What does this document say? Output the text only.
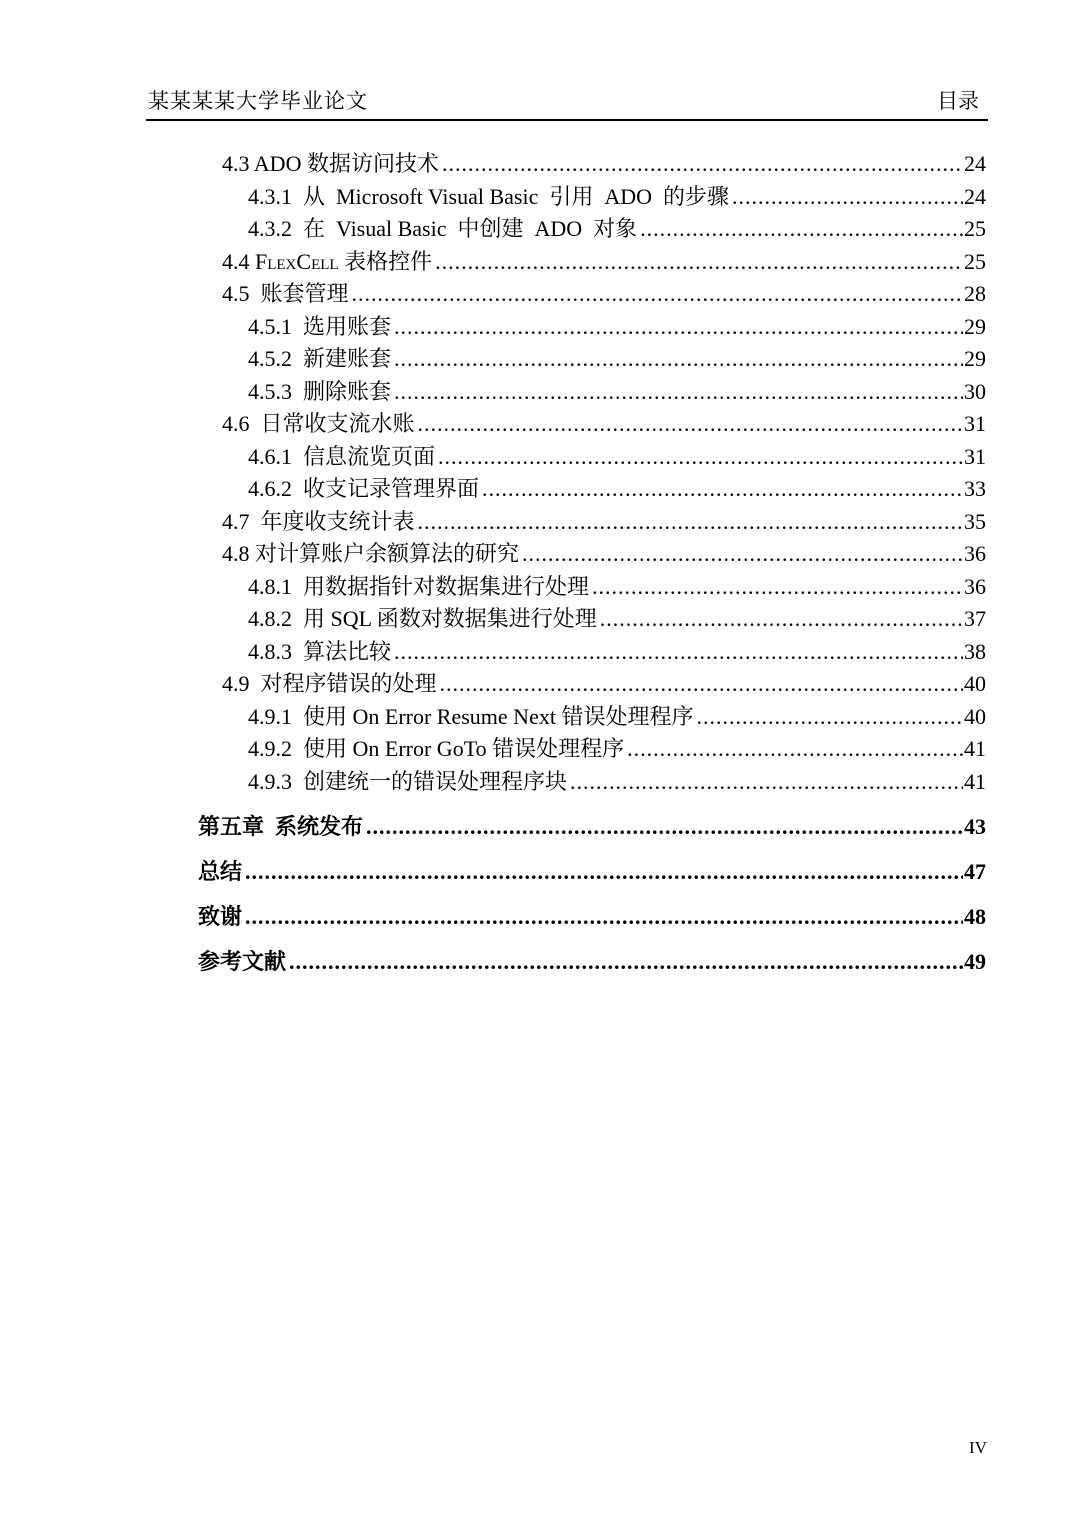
某某某某大学毕业论文	目录
4.3 ADO 数据访问技术 .....	24
4.3.1 从  Microsoft Visual Basic  引用  ADO  的步骤 .....	24
4.3.2 在  Visual Basic  中创建  ADO  对象 .....	25
4.4 FlexCell 表格控件 .....	25
4.5 账套管理 .....	28
4.5.1 选用账套 .....	29
4.5.2 新建账套 .....	29
4.5.3 删除账套 .....	30
4.6 日常收支流水账 .....	31
4.6.1 信息流览页面 .....	31
4.6.2 收支记录管理界面 .....	33
4.7 年度收支统计表 .....	35
4.8 对计算账户余额算法的研究 .....	36
4.8.1 用数据指针对数据集进行处理 .....	36
4.8.2 用 SQL 函数对数据集进行处理 .....	37
4.8.3 算法比较 .....	38
4.9 对程序错误的处理 .....	40
4.9.1 使用 On Error Resume Next 错误处理程序 .....	40
4.9.2 使用 On Error GoTo 错误处理程序 .....	41
4.9.3 创建统一的错误处理程序块 .....	41
第五章  系统发布 .....	43
总结 .....	47
致谢 .....	48
参考文献 .....	49
IV
